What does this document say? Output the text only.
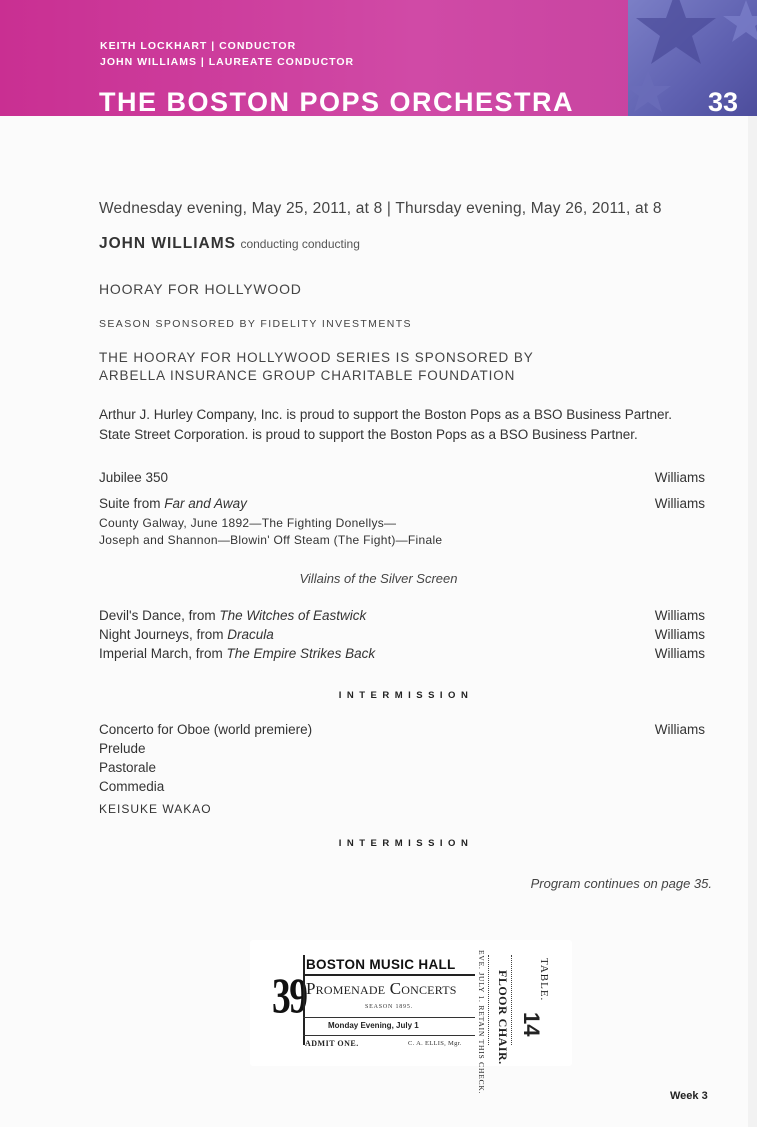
KEITH LOCKHART | CONDUCTOR
JOHN WILLIAMS | LAUREATE CONDUCTOR
THE BOSTON POPS ORCHESTRA	33
Wednesday evening, May 25, 2011, at 8 | Thursday evening, May 26, 2011, at 8
JOHN WILLIAMS conducting conducting
HOORAY FOR HOLLYWOOD
SEASON SPONSORED BY FIDELITY INVESTMENTS
THE HOORAY FOR HOLLYWOOD SERIES IS SPONSORED BY
ARBELLA INSURANCE GROUP CHARITABLE FOUNDATION
Arthur J. Hurley Company, Inc. is proud to support the Boston Pops as a BSO Business Partner.
State Street Corporation. is proud to support the Boston Pops as a BSO Business Partner.
Jubilee 350	Williams
Suite from Far and Away	Williams
County Galway, June 1892—The Fighting Donellys—
Joseph and Shannon—Blowin' Off Steam (The Fight)—Finale
Villains of the Silver Screen
Devil's Dance, from The Witches of Eastwick	Williams
Night Journeys, from Dracula	Williams
Imperial March, from The Empire Strikes Back	Williams
INTERMISSION
Concerto for Oboe (world premiere)	Williams
Prelude
Pastorale
Commedia
KEISUKE WAKAO
INTERMISSION
Program continues on page 35.
39
BOSTON MUSIC HALL
Promenade Concerts
SEASON 1895.
Monday Evening, July 1
ADMIT ONE.	C. A. ELLIS, Mgr. EVE. JULY 1. RETAIN THIS CHECK. FLOOR CHAIR.	TABLE.
14
Week 3
